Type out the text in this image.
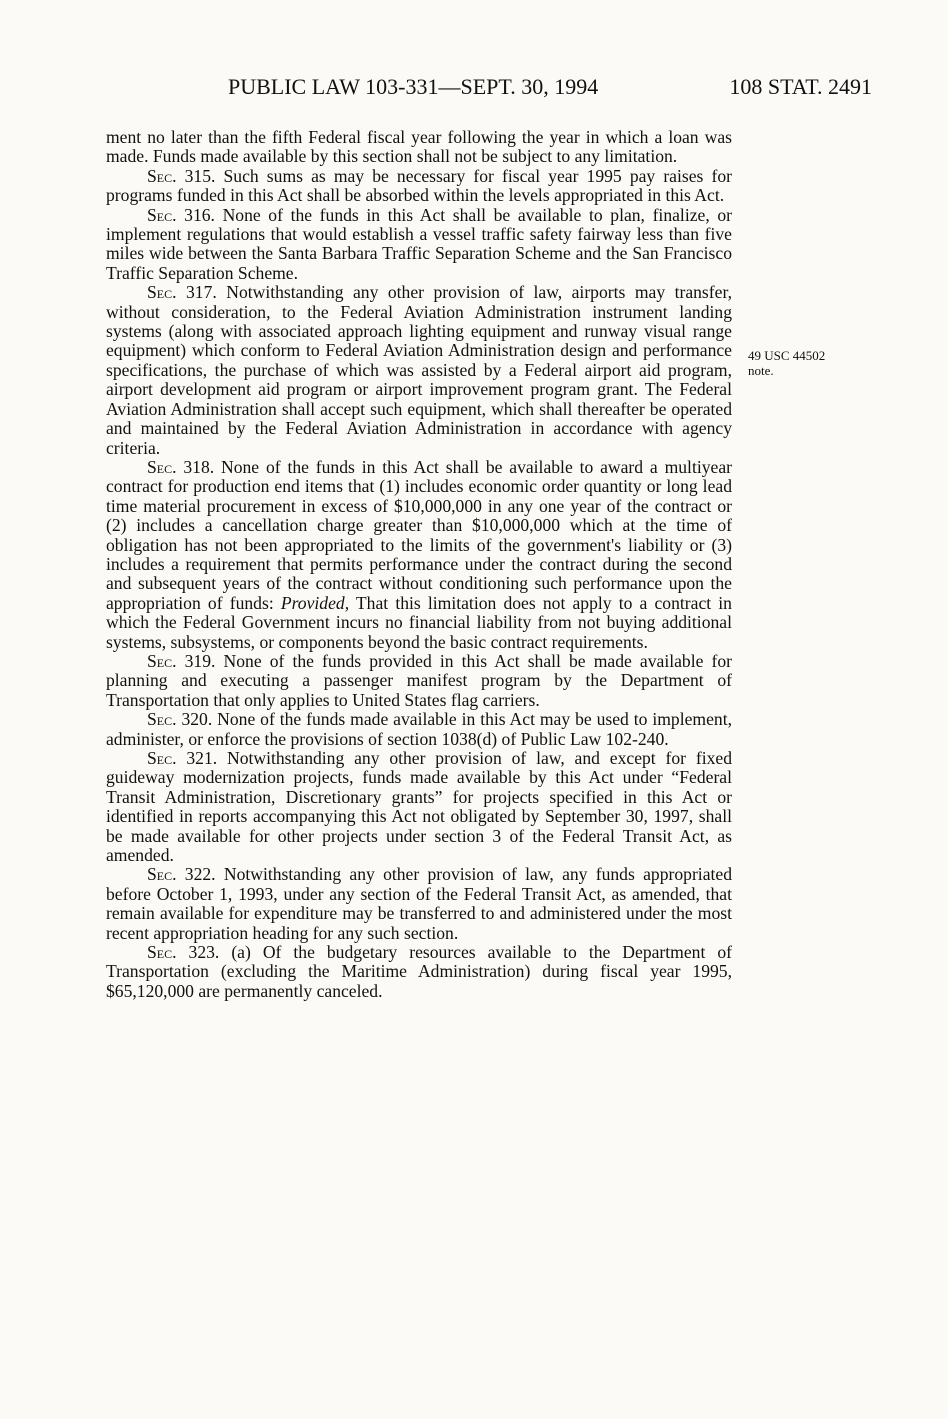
PUBLIC LAW 103-331—SEPT. 30, 1994	108 STAT. 2491
49 USC 44502
note.

ment no later than the fifth Federal fiscal year following the year in which a loan was made. Funds made available by this section shall not be subject to any limitation.

Sec. 315. Such sums as may be necessary for fiscal year 1995 pay raises for programs funded in this Act shall be absorbed within the levels appropriated in this Act.

Sec. 316. None of the funds in this Act shall be available to plan, finalize, or implement regulations that would establish a vessel traffic safety fairway less than five miles wide between the Santa Barbara Traffic Separation Scheme and the San Francisco Traffic Separation Scheme.

Sec. 317. Notwithstanding any other provision of law, airports may transfer, without consideration, to the Federal Aviation Administration instrument landing systems (along with associated approach lighting equipment and runway visual range equipment) which conform to Federal Aviation Administration design and performance specifications, the purchase of which was assisted by a Federal airport aid program, airport development aid program or airport improvement program grant. The Federal Aviation Administration shall accept such equipment, which shall thereafter be operated and maintained by the Federal Aviation Administration in accordance with agency criteria.

Sec. 318. None of the funds in this Act shall be available to award a multiyear contract for production end items that (1) includes economic order quantity or long lead time material procurement in excess of $10,000,000 in any one year of the contract or (2) includes a cancellation charge greater than $10,000,000 which at the time of obligation has not been appropriated to the limits of the government's liability or (3) includes a requirement that permits performance under the contract during the second and subsequent years of the contract without conditioning such performance upon the appropriation of funds: Provided, That this limitation does not apply to a contract in which the Federal Government incurs no financial liability from not buying additional systems, subsystems, or components beyond the basic contract requirements.

Sec. 319. None of the funds provided in this Act shall be made available for planning and executing a passenger manifest program by the Department of Transportation that only applies to United States flag carriers.

Sec. 320. None of the funds made available in this Act may be used to implement, administer, or enforce the provisions of section 1038(d) of Public Law 102-240.

Sec. 321. Notwithstanding any other provision of law, and except for fixed guideway modernization projects, funds made available by this Act under “Federal Transit Administration, Discretionary grants” for projects specified in this Act or identified in reports accompanying this Act not obligated by September 30, 1997, shall be made available for other projects under section 3 of the Federal Transit Act, as amended.

Sec. 322. Notwithstanding any other provision of law, any funds appropriated before October 1, 1993, under any section of the Federal Transit Act, as amended, that remain available for expenditure may be transferred to and administered under the most recent appropriation heading for any such section.

Sec. 323. (a) Of the budgetary resources available to the Department of Transportation (excluding the Maritime Administration) during fiscal year 1995, $65,120,000 are permanently canceled.
